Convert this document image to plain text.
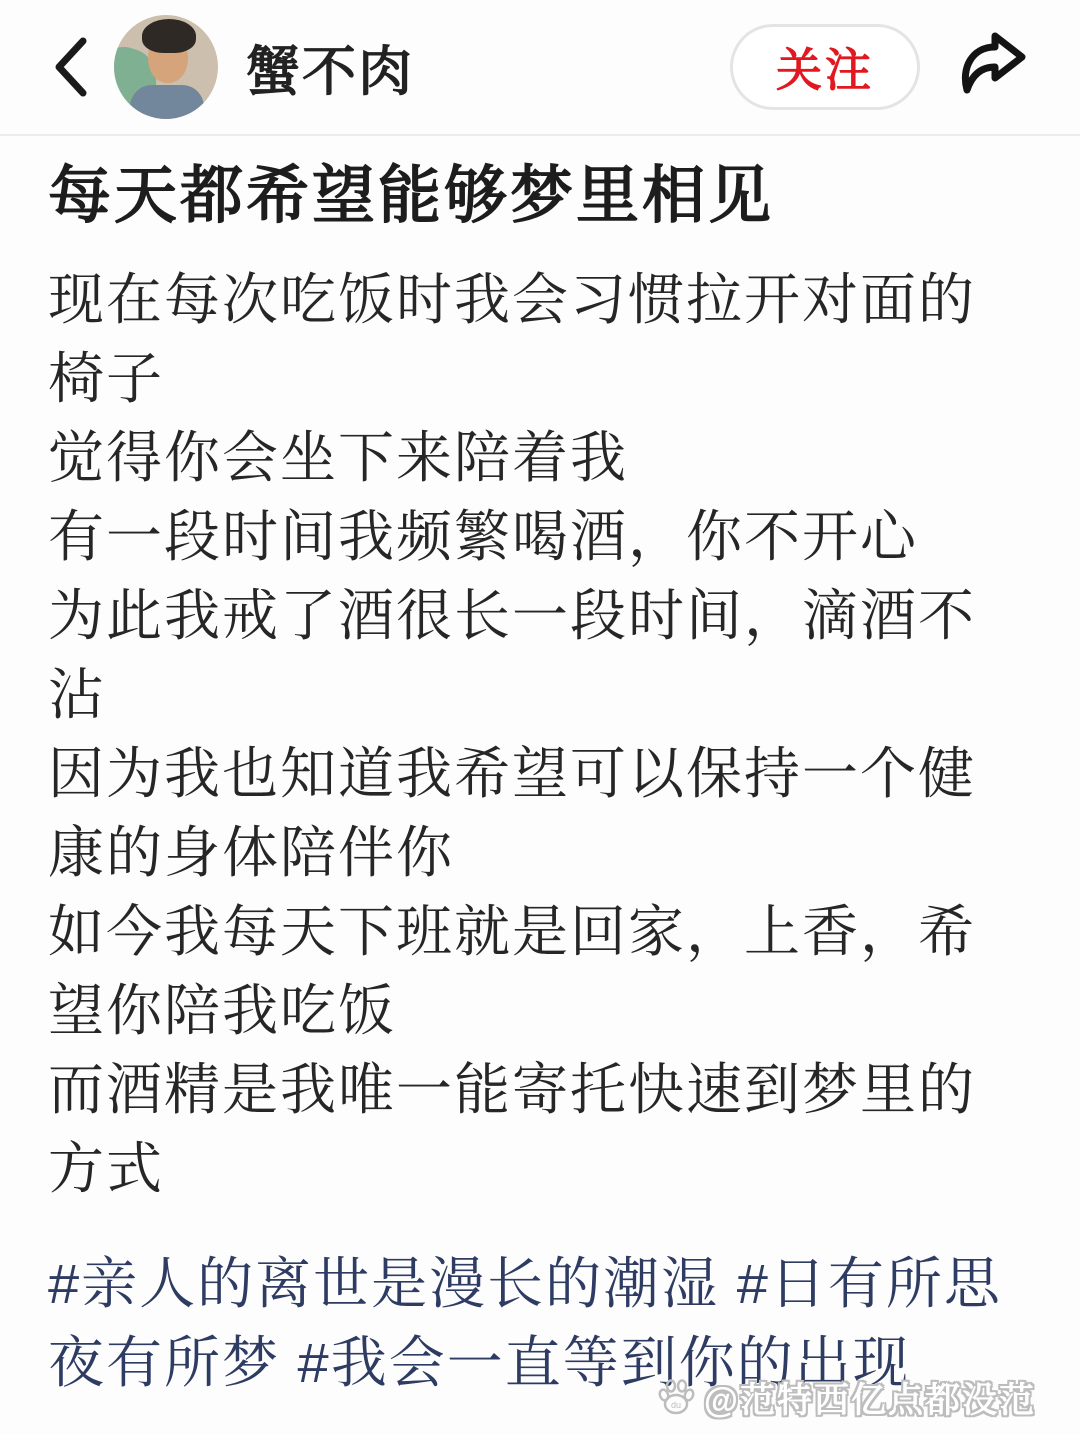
蟹不肉	关注
每天都希望能够梦里相见
现在每次吃饭时我会习惯拉开对面的
椅子
觉得你会坐下来陪着我
有一段时间我频繁喝酒，你不开心
为此我戒了酒很长一段时间，滴酒不
沾
因为我也知道我希望可以保持一个健
康的身体陪伴你
如今我每天下班就是回家，上香，希
望你陪我吃饭
而酒精是我唯一能寄托快速到梦里的
方式
#亲人的离世是漫长的潮湿 #日有所思
夜有所梦 #我会一直等到你的出现
du @范特西亿点都没范
